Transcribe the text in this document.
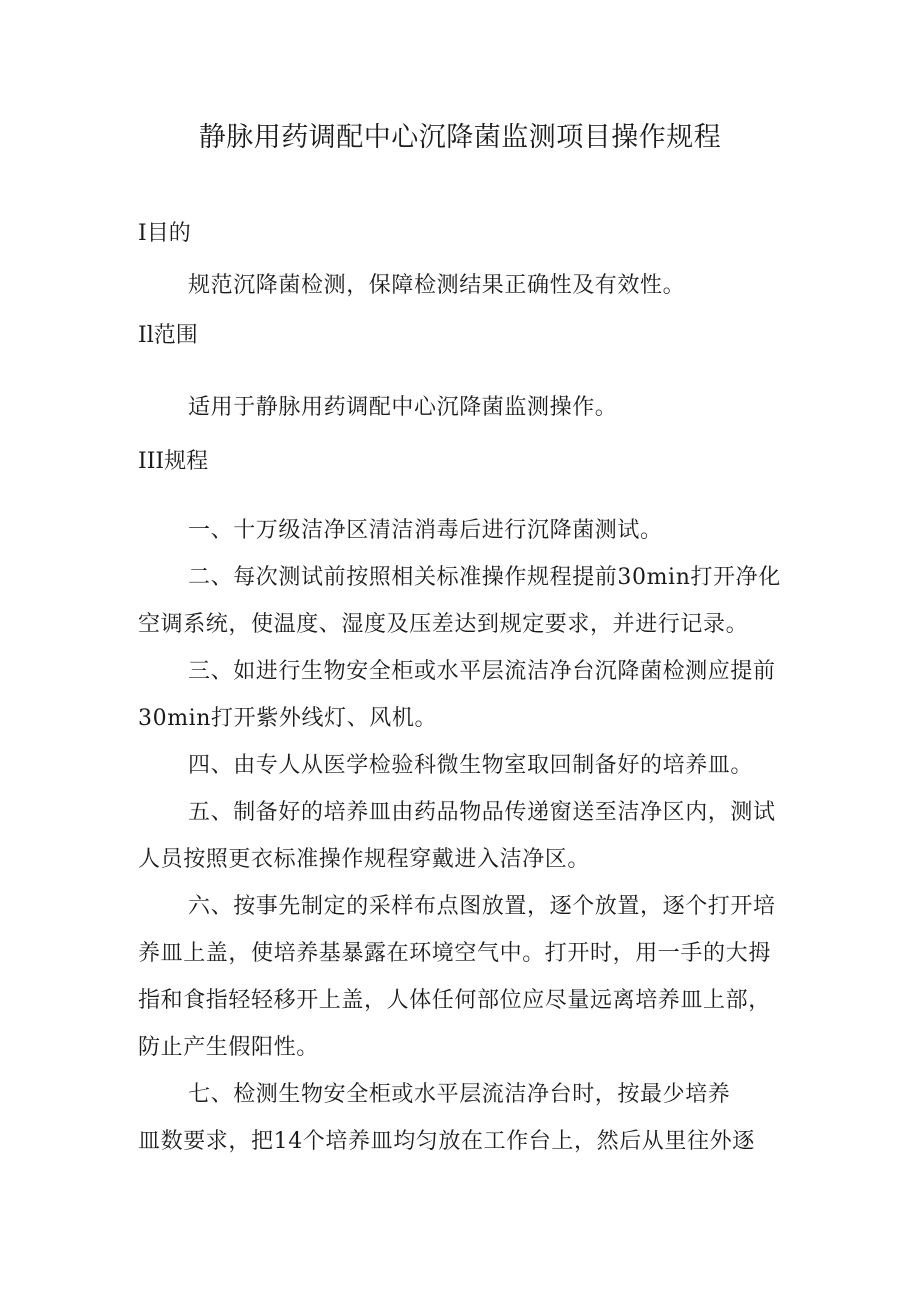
静脉用药调配中心沉降菌监测项目操作规程
I目的
规范沉降菌检测，保障检测结果正确性及有效性。
Il范围
适用于静脉用药调配中心沉降菌监测操作。
III规程
一、十万级洁净区清洁消毒后进行沉降菌测试。
二、每次测试前按照相关标准操作规程提前30min打开净化
空调系统，使温度、湿度及压差达到规定要求，并进行记录。
三、如进行生物安全柜或水平层流洁净台沉降菌检测应提前
30min打开紫外线灯、风机。
四、由专人从医学检验科微生物室取回制备好的培养皿。
五、制备好的培养皿由药品物品传递窗送至洁净区内，测试
人员按照更衣标准操作规程穿戴进入洁净区。
六、按事先制定的采样布点图放置，逐个放置，逐个打开培
养皿上盖，使培养基暴露在环境空气中。打开时，用一手的大拇
指和食指轻轻移开上盖，人体任何部位应尽量远离培养皿上部，
防止产生假阳性。
七、检测生物安全柜或水平层流洁净台时，按最少培养
皿数要求，把14个培养皿均匀放在工作台上，然后从里往外逐
